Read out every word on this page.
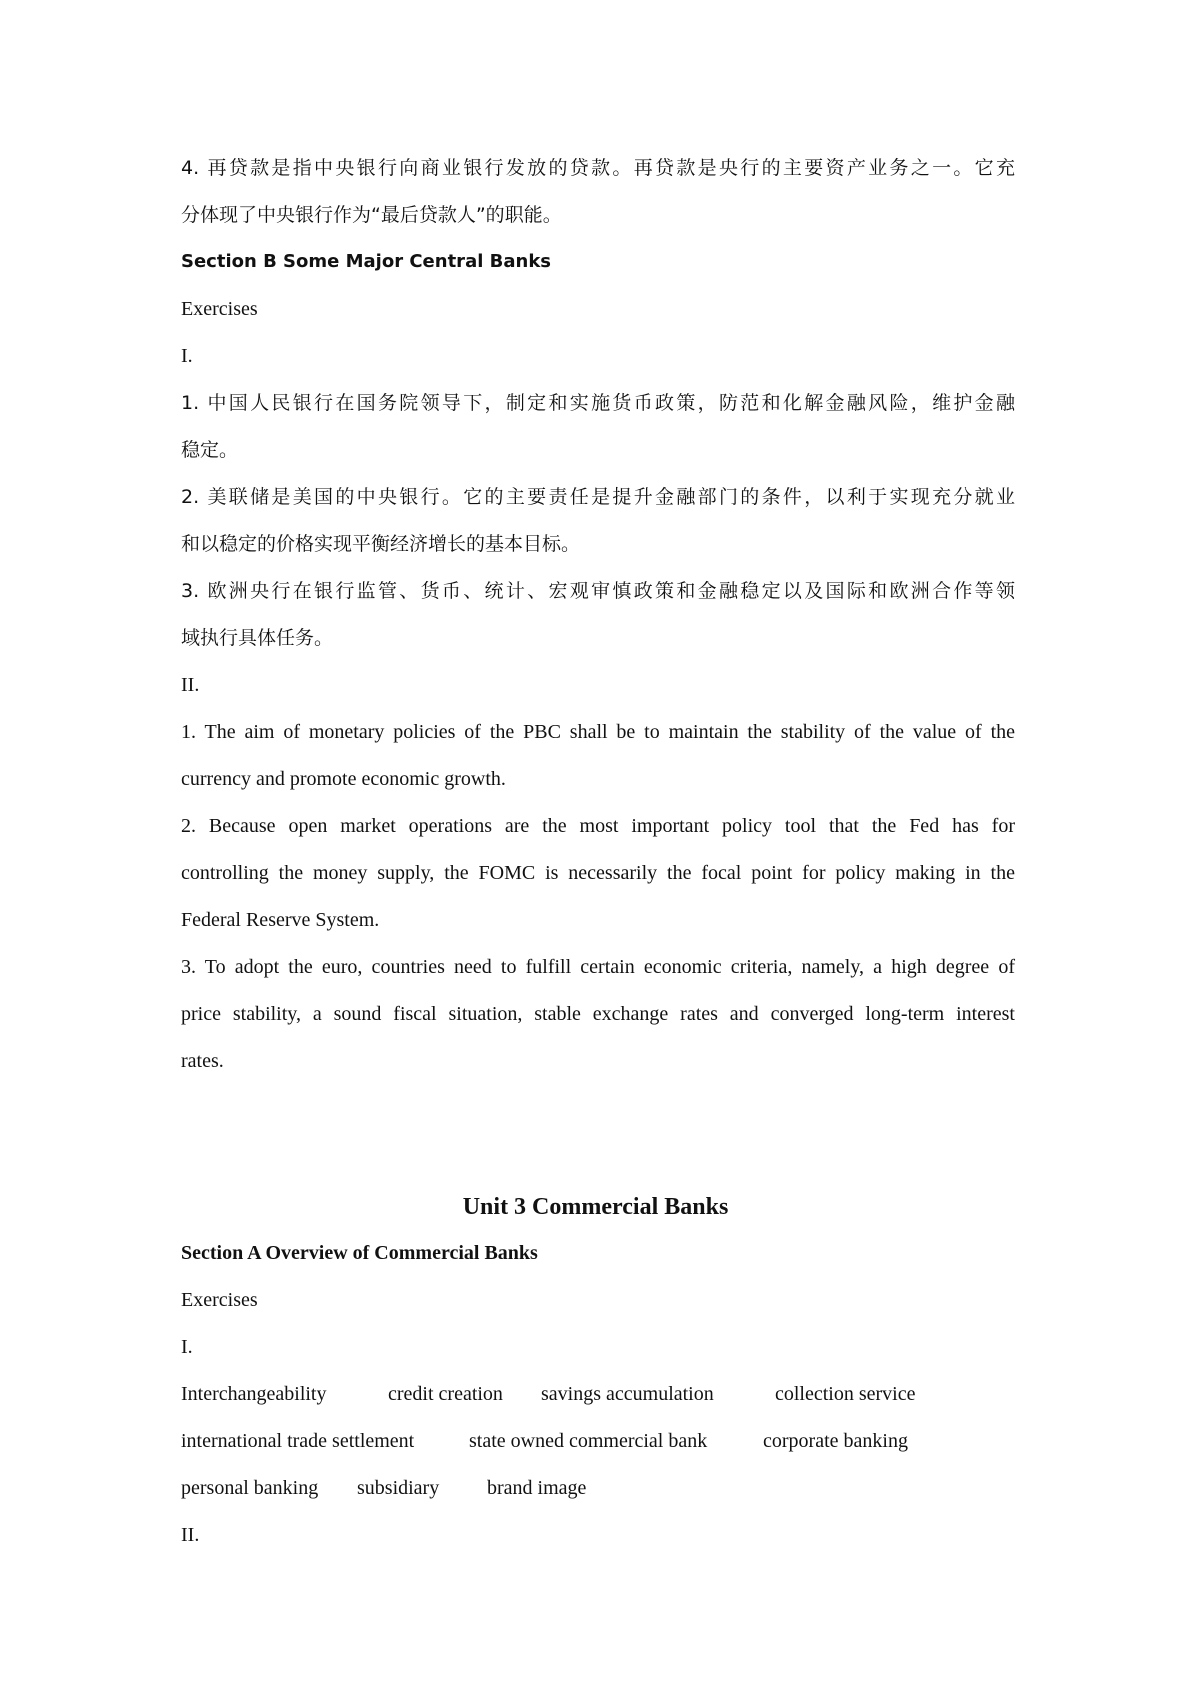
4. 再贷款是指中央银行向商业银行发放的贷款。再贷款是央行的主要资产业务之一。它充
分体现了中央银行作为“最后贷款人”的职能。
Section B Some Major Central Banks
Exercises
I.
1. 中国人民银行在国务院领导下，制定和实施货币政策，防范和化解金融风险，维护金融
稳定。
2. 美联储是美国的中央银行。它的主要责任是提升金融部门的条件，以利于实现充分就业
和以稳定的价格实现平衡经济增长的基本目标。
3. 欧洲央行在银行监管、货币、统计、宏观审慎政策和金融稳定以及国际和欧洲合作等领
域执行具体任务。
II.
1. The aim of monetary policies of the PBC shall be to maintain the stability of the value of the
currency and promote economic growth.
2. Because open market operations are the most important policy tool that the Fed has for
controlling the money supply, the FOMC is necessarily the focal point for policy making in the
Federal Reserve System.
3. To adopt the euro, countries need to fulfill certain economic criteria, namely, a high degree of
price stability, a sound fiscal situation, stable exchange rates and converged long-term interest
rates.
Unit 3 Commercial Banks
Section A Overview of Commercial Banks
Exercises
I.
Interchangeability	credit creation savings accumulation	collection service
international trade settlement	state owned commercial bank	corporate banking
personal banking subsidiary brand image
II.
